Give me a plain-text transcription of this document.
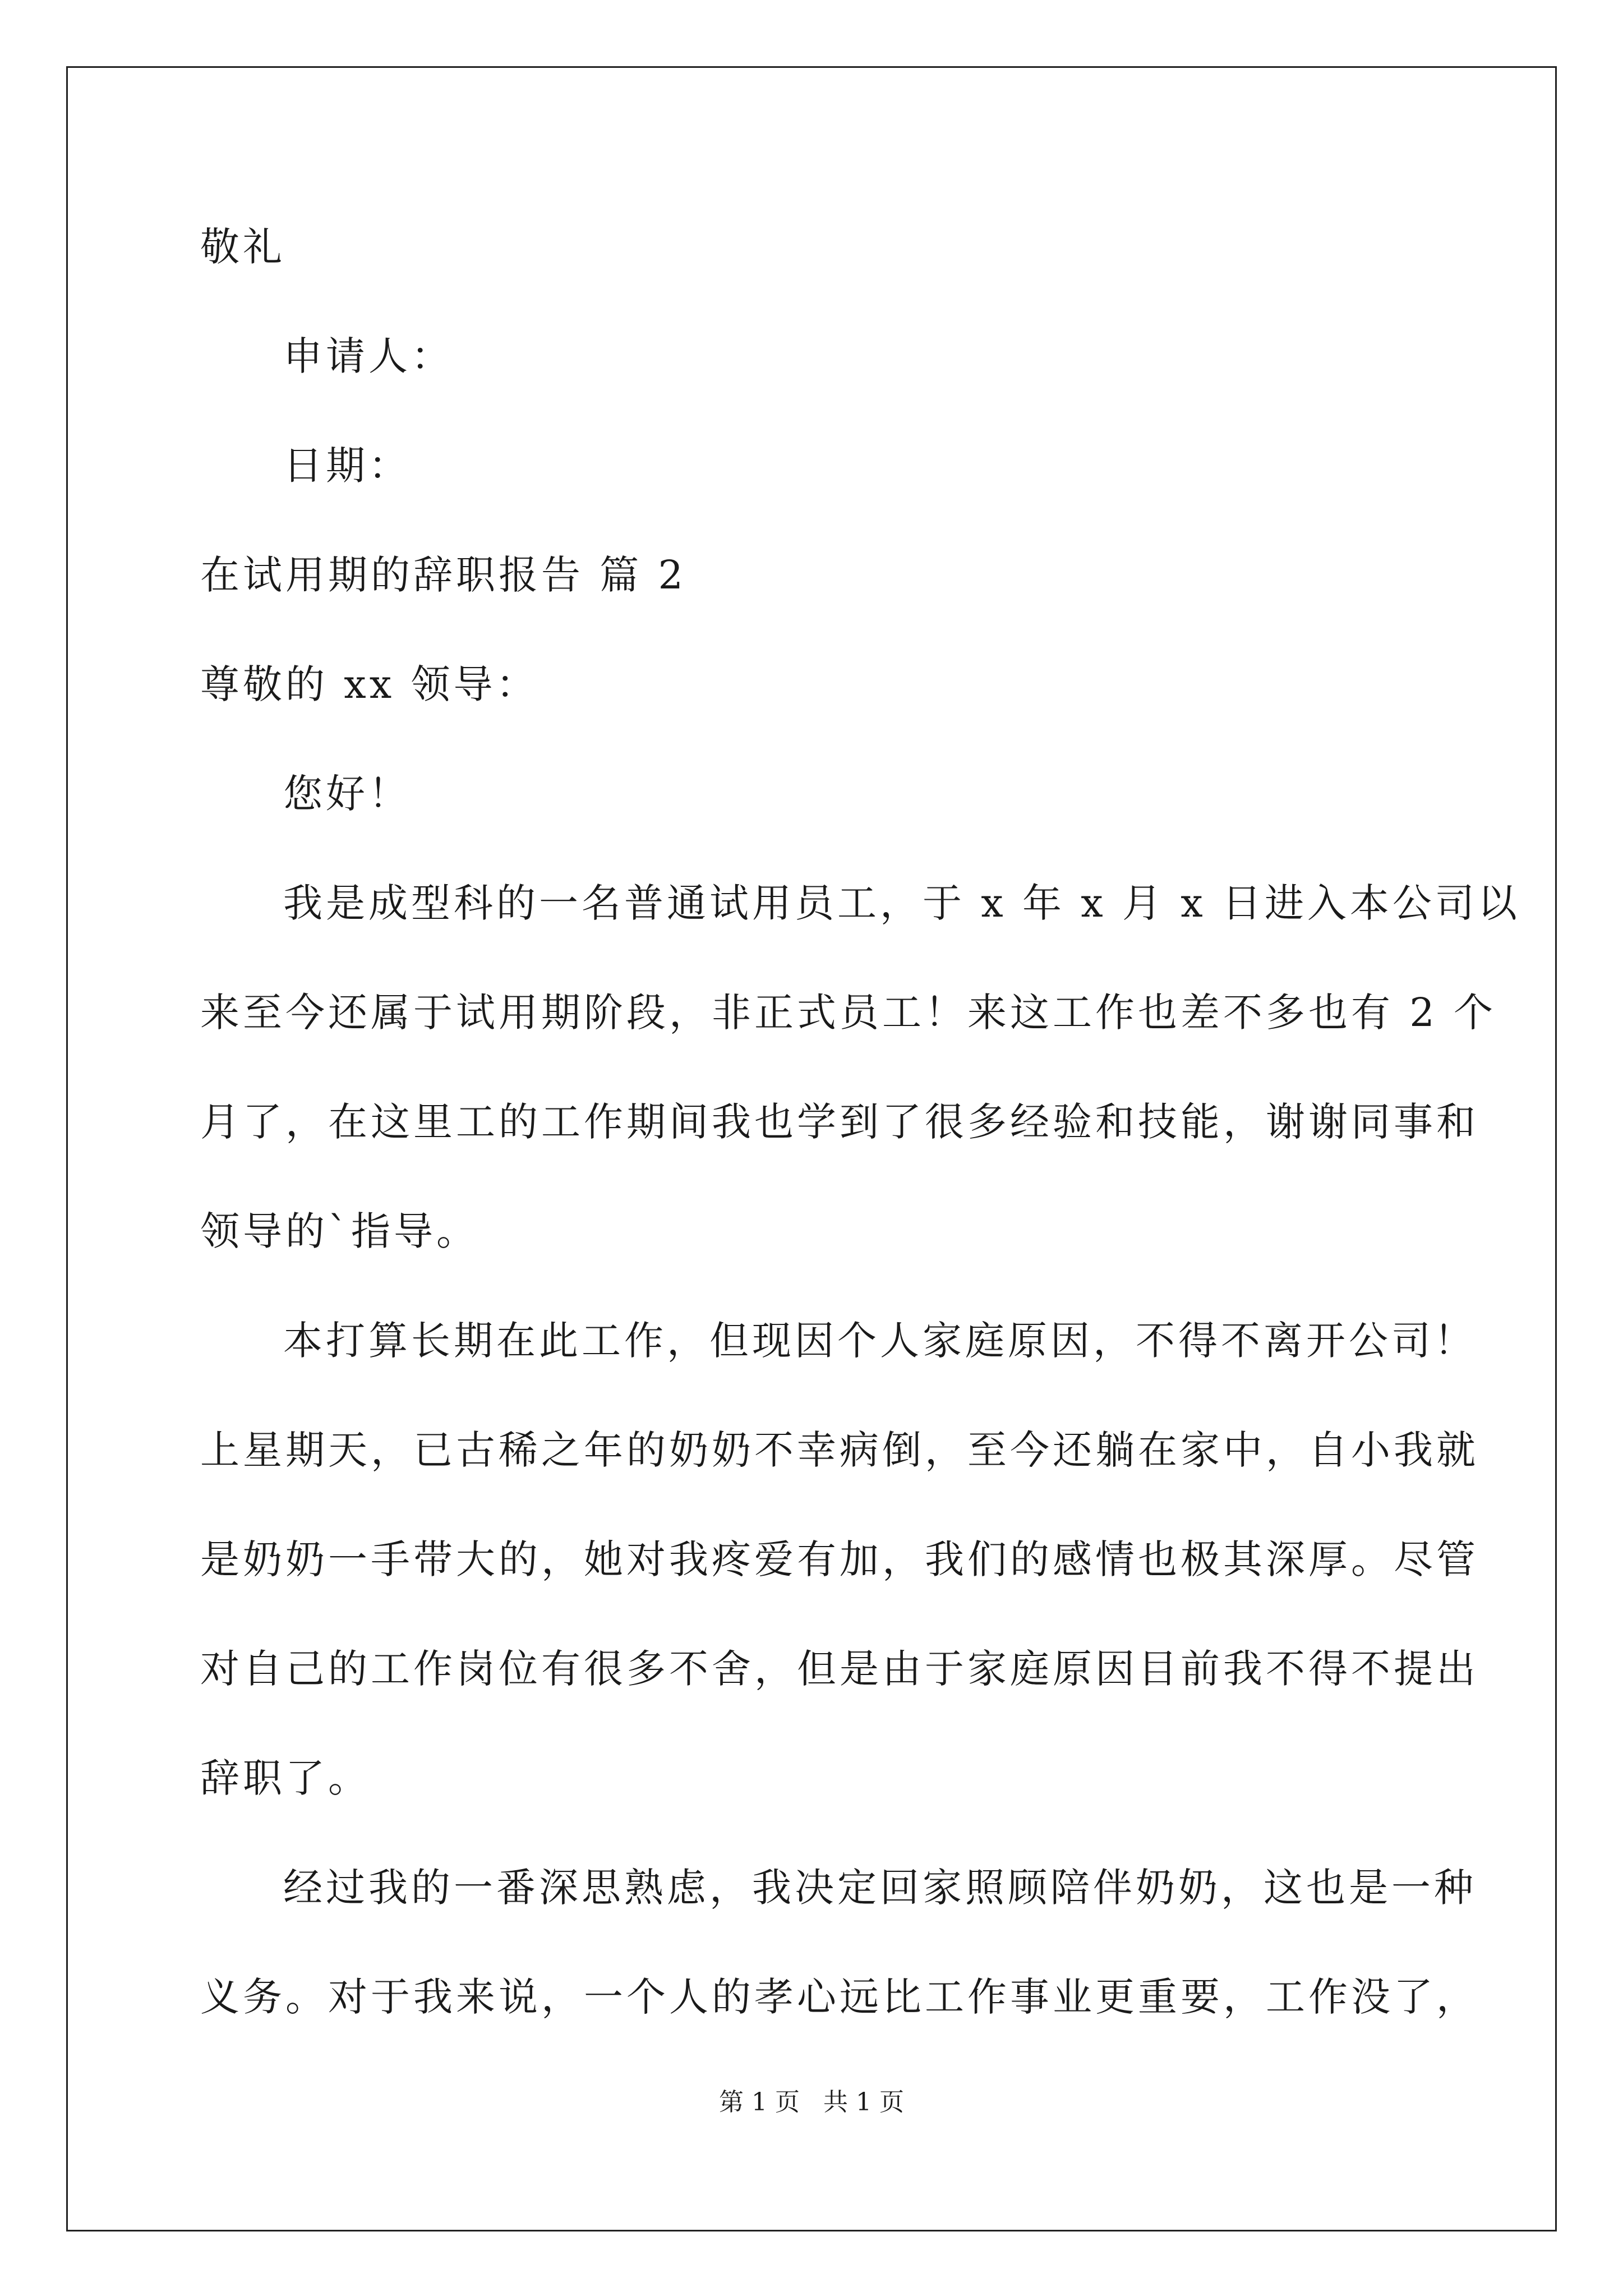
敬礼
申请人：
日期：
在试用期的辞职报告 篇 2
尊敬的 xx 领导：
您好！
我是成型科的一名普通试用员工，于 x 年 x 月 x 日进入本公司以
来至今还属于试用期阶段，非正式员工！来这工作也差不多也有 2 个
月了，在这里工的工作期间我也学到了很多经验和技能，谢谢同事和
领导的`指导。
本打算长期在此工作，但现因个人家庭原因，不得不离开公司！
上星期天，已古稀之年的奶奶不幸病倒，至今还躺在家中，自小我就
是奶奶一手带大的，她对我疼爱有加，我们的感情也极其深厚。尽管
对自己的工作岗位有很多不舍，但是由于家庭原因目前我不得不提出
辞职了。
经过我的一番深思熟虑，我决定回家照顾陪伴奶奶，这也是一种
义务。对于我来说，一个人的孝心远比工作事业更重要，工作没了，
第 1 页   共 1 页
